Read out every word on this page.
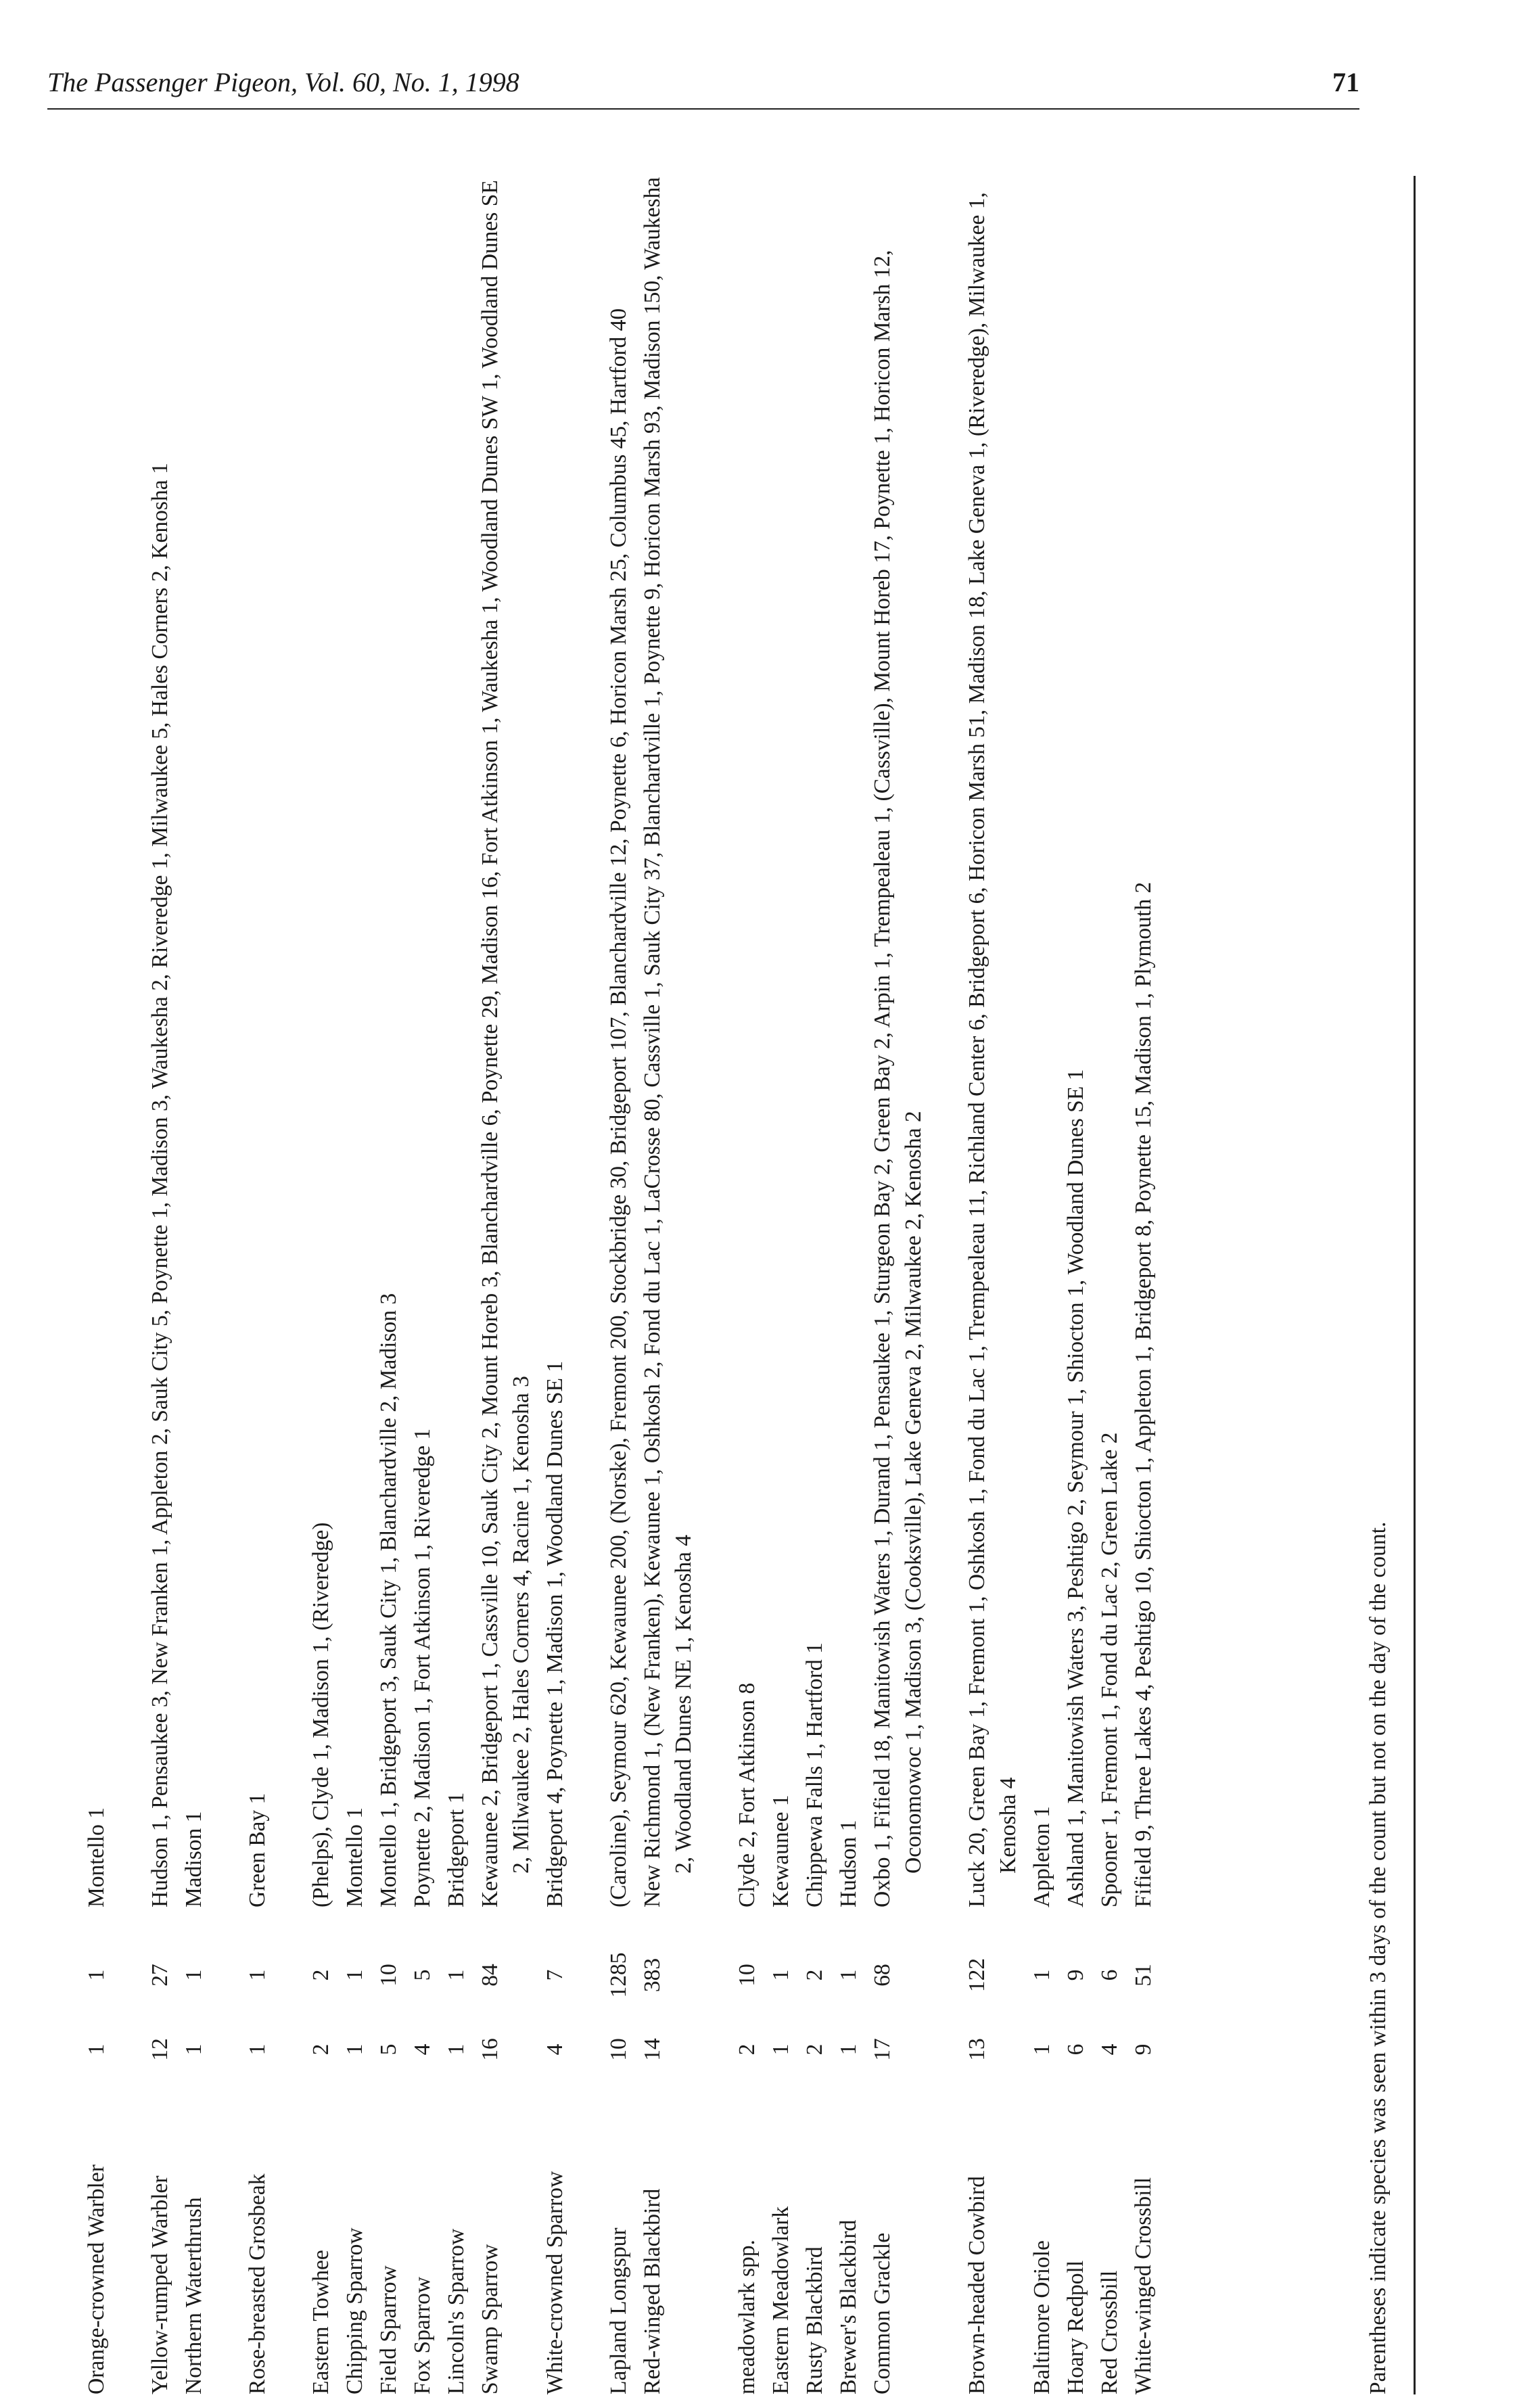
The Passenger Pigeon, Vol. 60, No. 1, 1998	71
Orange-crowned Warbler
1
1
Montello 1
Yellow-rumped Warbler
12
27
Hudson 1, Pensaukee 3, New Franken 1, Appleton 2, Sauk City 5, Poynette 1, Madison 3, Waukesha 2, Riveredge 1, Milwaukee 5, Hales Corners 2, Kenosha 1
Northern Waterthrush
1
1
Madison 1
Rose-breasted Grosbeak
1
1
Green Bay 1
Eastern Towhee
2
2
(Phelps), Clyde 1, Madison 1, (Riveredge)
Chipping Sparrow
1
1
Montello 1
Field Sparrow
5
10
Montello 1, Bridgeport 3, Sauk City 1, Blanchardville 2, Madison 3
Fox Sparrow
4
5
Poynette 2, Madison 1, Fort Atkinson 1, Riveredge 1
Lincoln's Sparrow
1
1
Bridgeport 1
Swamp Sparrow
16
84
Kewaunee 2, Bridgeport 1, Cassville 10, Sauk City 2, Mount Horeb 3, Blanchardville 6, Poynette 29, Madison 16, Fort Atkinson 1, Waukesha 1, Woodland Dunes SW 1, Woodland Dunes SE 2, Milwaukee 2, Hales Corners 4, Racine 1, Kenosha 3
White-crowned Sparrow
4
7
Bridgeport 4, Poynette 1, Madison 1, Woodland Dunes SE 1
Lapland Longspur
10
1285
(Caroline), Seymour 620, Kewaunee 200, (Norske), Fremont 200, Stockbridge 30, Bridgeport 107, Blanchardville 12, Poynette 6, Horicon Marsh 25, Columbus 45, Hartford 40
Red-winged Blackbird
14
383
New Richmond 1, (New Franken), Kewaunee 1, Oshkosh 2, Fond du Lac 1, LaCrosse 80, Cassville 1, Sauk City 37, Blanchardville 1, Poynette 9, Horicon Marsh 93, Madison 150, Waukesha 2, Woodland Dunes NE 1, Kenosha 4
meadowlark spp.
2
10
Clyde 2, Fort Atkinson 8
Eastern Meadowlark
1
1
Kewaunee 1
Rusty Blackbird
2
2
Chippewa Falls 1, Hartford 1
Brewer's Blackbird
1
1
Hudson 1
Common Grackle
17
68
Oxbo 1, Fifield 18, Manitowish Waters 1, Durand 1, Pensaukee 1, Sturgeon Bay 2, Green Bay 2, Arpin 1, Trempealeau 1, (Cassville), Mount Horeb 17, Poynette 1, Horicon Marsh 12, Oconomowoc 1, Madison 3, (Cooksville), Lake Geneva 2, Milwaukee 2, Kenosha 2
Brown-headed Cowbird
13
122
Luck 20, Green Bay 1, Fremont 1, Oshkosh 1, Fond du Lac 1, Trempealeau 11, Richland Center 6, Bridgeport 6, Horicon Marsh 51, Madison 18, Lake Geneva 1, (Riveredge), Milwaukee 1, Kenosha 4
Baltimore Oriole
1
1
Appleton 1
Hoary Redpoll
6
9
Ashland 1, Manitowish Waters 3, Peshtigo 2, Seymour 1, Shiocton 1, Woodland Dunes SE 1
Red Crossbill
4
6
Spooner 1, Fremont 1, Fond du Lac 2, Green Lake 2
White-winged Crossbill
9
51
Fifield 9, Three Lakes 4, Peshtigo 10, Shiocton 1, Appleton 1, Bridgeport 8, Poynette 15, Madison 1, Plymouth 2
Parentheses indicate species was seen within 3 days of the count but not on the day of the count.
